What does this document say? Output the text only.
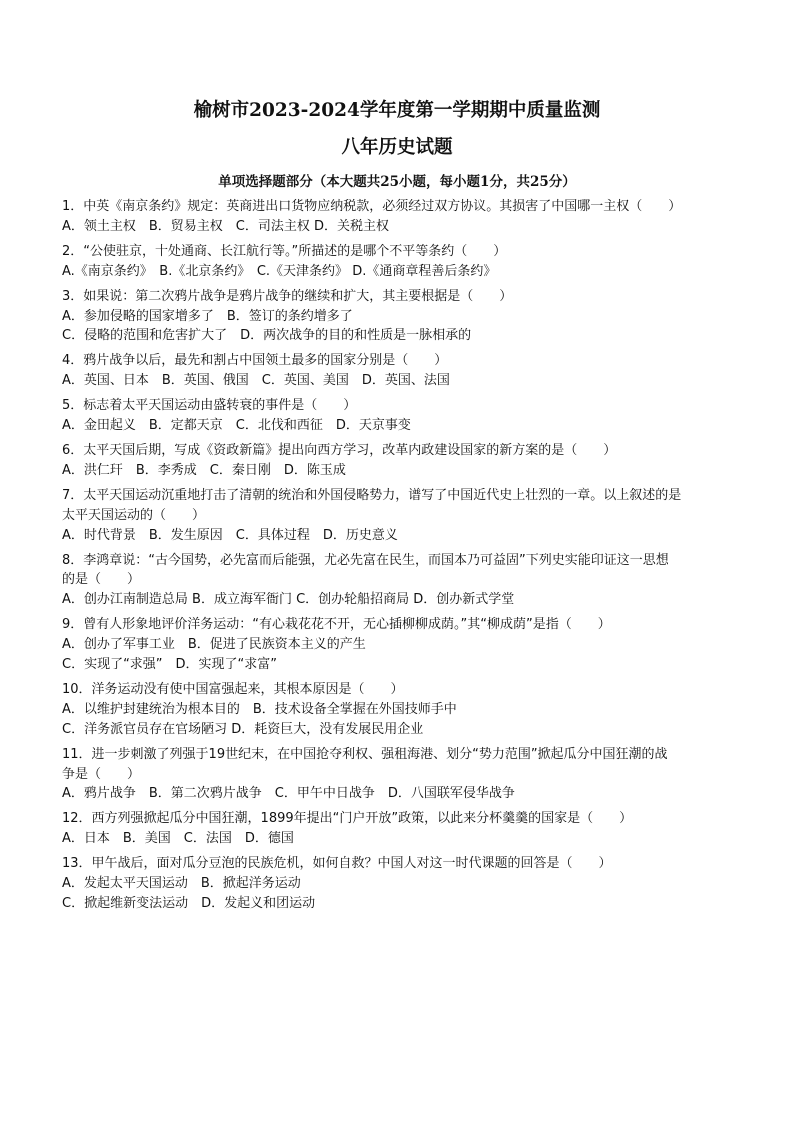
榆树市2023-2024学年度第一学期期中质量监测
八年历史试题
单项选择题部分（本大题共25小题，每小题1分，共25分）
1．中英《南京条约》规定：英商进出口货物应纳税款，必须经过双方协议。其损害了中国哪一主权（　　）
A．领土主权　B．贸易主权　C．司法主权 D．关税主权
2．“公使驻京，十处通商、长江航行等。”所描述的是哪个不平等条约（　　）
A.《南京条约》　B.《北京条约》　C.《天津条约》 D.《通商章程善后条约》
3．如果说：第二次鸦片战争是鸦片战争的继续和扩大，其主要根据是（　　）
A．参加侵略的国家增多了　B．签订的条约增多了
C．侵略的范围和危害扩大了　D．两次战争的目的和性质是一脉相承的
4．鸦片战争以后，最先和割占中国领土最多的国家分别是（　　）
A．英国、日本　B．英国、俄国　C．英国、美国　D．英国、法国
5．标志着太平天国运动由盛转衰的事件是（　　）
A．金田起义　B．定都天京　C．北伐和西征　D．天京事变
6．太平天国后期，写成《资政新篇》提出向西方学习，改革内政建设国家的新方案的是（　　）
A．洪仁玕　B．李秀成　C．秦日刚　D．陈玉成
7．太平天国运动沉重地打击了清朝的统治和外国侵略势力，谱写了中国近代史上壮烈的一章。以上叙述的是
太平天国运动的（　　）
A．时代背景　B．发生原因　C．具体过程　D．历史意义
8．李鸿章说：“古今国势，必先富而后能强，尤必先富在民生，而国本乃可益固”下列史实能印证这一思想
的是（　　）
A．创办江南制造总局 B．成立海军衙门 C．创办轮船招商局 D．创办新式学堂
9．曾有人形象地评价洋务运动：“有心栽花花不开，无心插柳柳成荫。”其“柳成荫”是指（　　）
A．创办了军事工业　B．促进了民族资本主义的产生
C．实现了“求强”　D．实现了“求富”
10．洋务运动没有使中国富强起来，其根本原因是（　　）
A．以维护封建统治为根本目的　B．技术设备全掌握在外国技师手中
C．洋务派官员存在官场陋习 D．耗资巨大，没有发展民用企业
11．进一步刺激了列强于19世纪末，在中国抢夺利权、强租海港、划分“势力范围”掀起瓜分中国狂潮的战
争是（　　）
A．鸦片战争　B．第二次鸦片战争　C．甲午中日战争　D．八国联军侵华战争
12．西方列强掀起瓜分中国狂潮，1899年提出“门户开放”政策，以此来分杯羹羹的国家是（　　）
A．日本　B．美国　C．法国　D．德国
13．甲午战后，面对瓜分豆泡的民族危机，如何自救？中国人对这一时代课题的回答是（　　）
A．发起太平天国运动　B．掀起洋务运动
C．掀起维新变法运动　D．发起义和团运动
